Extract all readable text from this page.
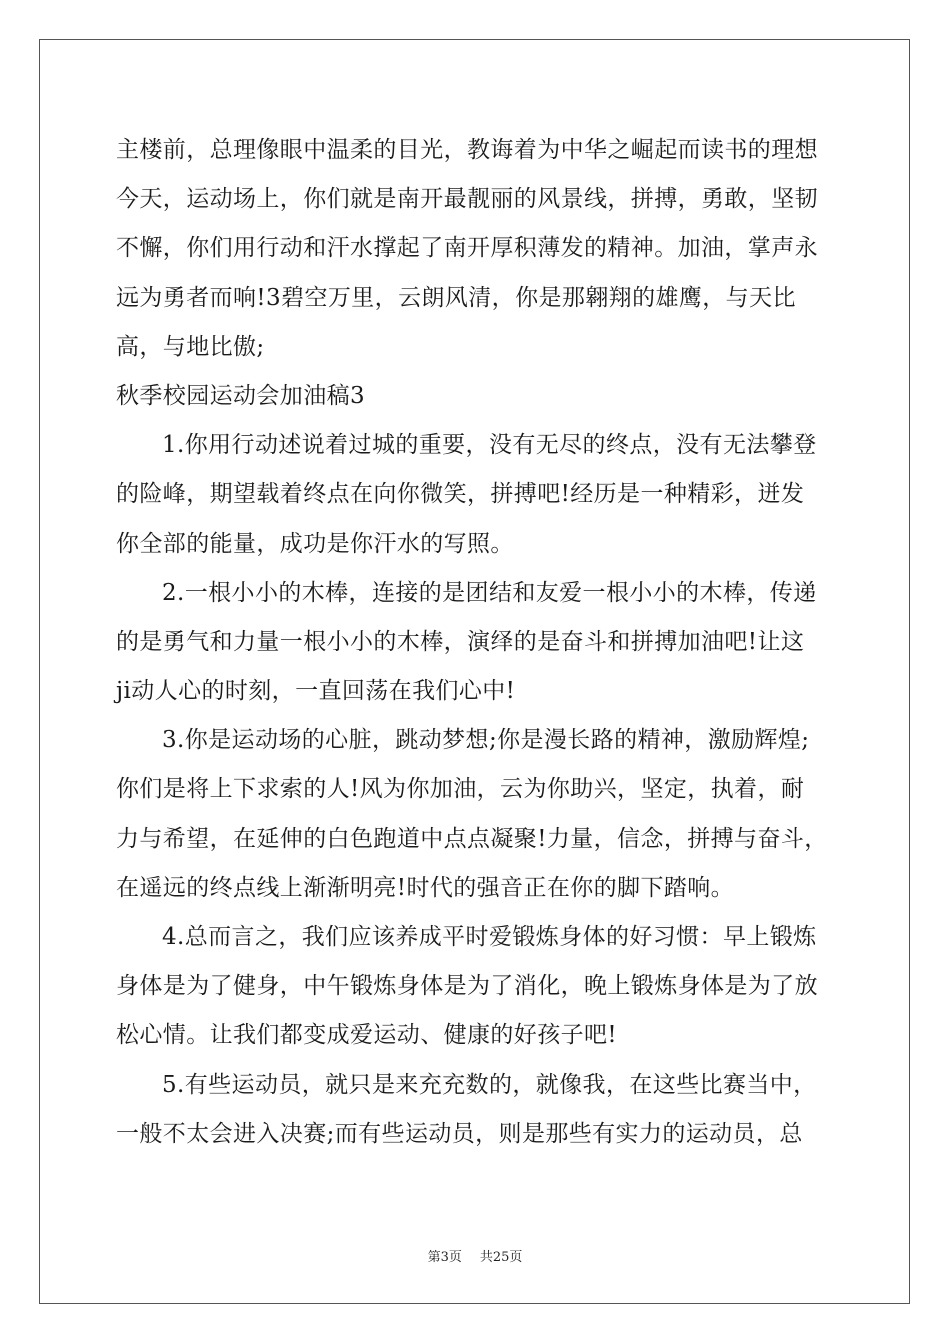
主楼前，总理像眼中温柔的目光，教诲着为中华之崛起而读书的理想
今天，运动场上，你们就是南开最靓丽的风景线，拼搏，勇敢，坚韧
不懈，你们用行动和汗水撑起了南开厚积薄发的精神。加油，掌声永
远为勇者而响!3碧空万里，云朗风清，你是那翱翔的雄鹰，与天比
高，与地比傲;
秋季校园运动会加油稿3
1.你用行动述说着过城的重要，没有无尽的终点，没有无法攀登
的险峰，期望载着终点在向你微笑，拼搏吧!经历是一种精彩，迸发
你全部的能量，成功是你汗水的写照。
2.一根小小的木棒，连接的是团结和友爱一根小小的木棒，传递
的是勇气和力量一根小小的木棒，演绎的是奋斗和拼搏加油吧!让这
ji动人心的时刻，一直回荡在我们心中!
3.你是运动场的心脏，跳动梦想;你是漫长路的精神，激励辉煌;
你们是将上下求索的人!风为你加油，云为你助兴，坚定，执着，耐
力与希望，在延伸的白色跑道中点点凝聚!力量，信念，拼搏与奋斗，
在遥远的终点线上渐渐明亮!时代的强音正在你的脚下踏响。
4.总而言之，我们应该养成平时爱锻炼身体的好习惯：早上锻炼
身体是为了健身，中午锻炼身体是为了消化，晚上锻炼身体是为了放
松心情。让我们都变成爱运动、健康的好孩子吧!
5.有些运动员，就只是来充充数的，就像我，在这些比赛当中，
一般不太会进入决赛;而有些运动员，则是那些有实力的运动员，总
第3页 共25页
